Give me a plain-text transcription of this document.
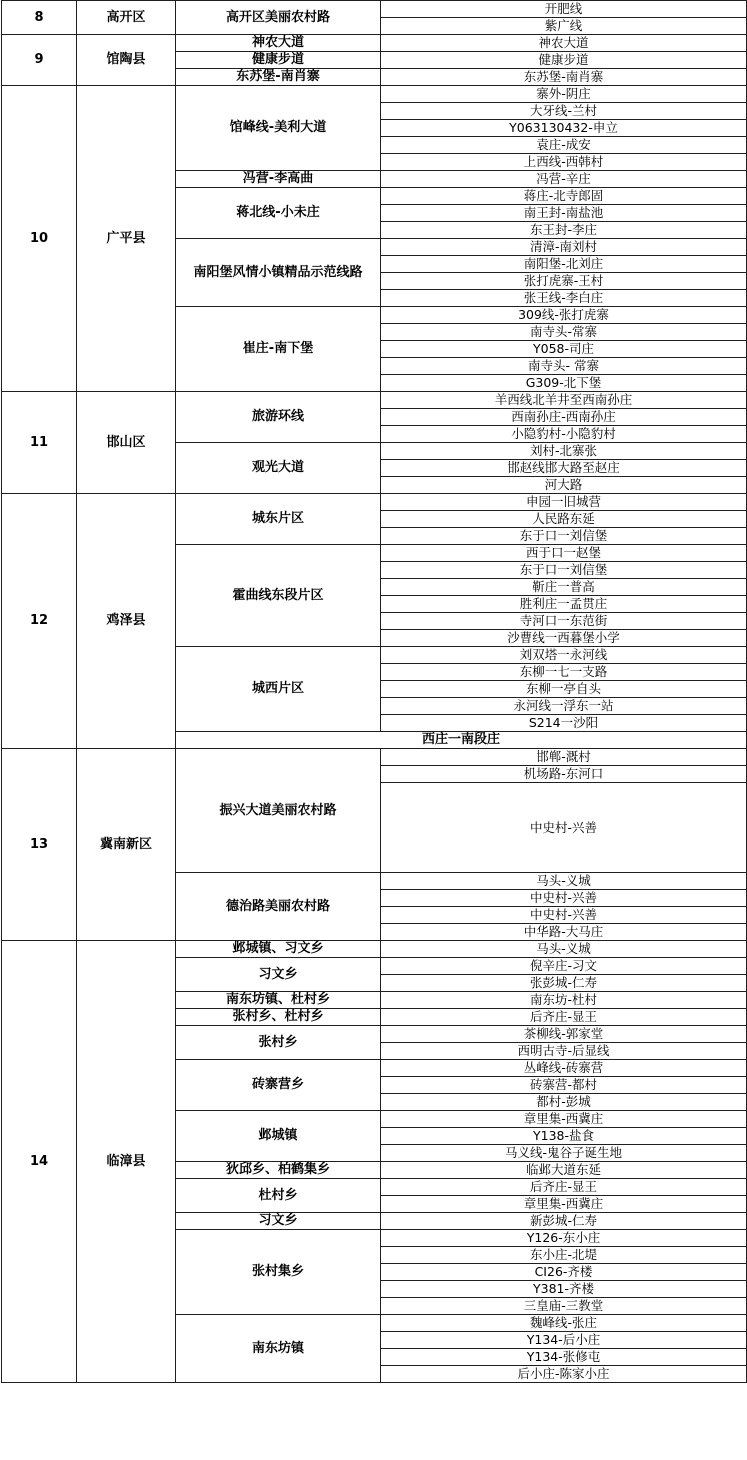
8	高开区	高开区美丽农村路	开肥线
			紫广线
9	馆陶县	神农大道	神农大道
		健康步道	健康步道
		东苏堡-南肖寨	东苏堡-南肖寨
10	广平县	馆峰线-美利大道	寨外-阴庄
			大牙线-兰村
			Y063130432-申立
			袁庄-成安
			上西线-西韩村
		冯营-李高曲	冯营-辛庄
		蒋北线-小未庄	蒋庄-北寺郎固
			南王封-南盐池
			东王封-李庄
		南阳堡风情小镇精品示范线路	清漳-南刘村
			南阳堡-北刘庄
			张打虎寨-王村
			张王线-李白庄
		崔庄-南下堡	309线-张打虎寨
			南寺头-常寨
			Y058-司庄
			南寺头- 常寨
			G309-北下堡
11	邯山区	旅游环线	羊西线北羊井至西南孙庄
			西南孙庄-西南孙庄
			小隐豹村-小隐豹村
		观光大道	刘村-北寨张
			邯赵线邯大路至赵庄
			河大路
12	鸡泽县	城东片区	申园一旧城营
			人民路东延
			东于口一刘信堡
		霍曲线东段片区	西于口一赵堡
			东于口一刘信堡
			靳庄一普高
			胜利庄一孟贯庄
			寺河口一东范街
			沙曹线一西暮堡小学
		城西片区	刘双塔一永河线
			东柳一七一支路
			东柳一亭自头
			永河线一浮东一站
			S214一沙阳
		西庄一南段庄	
13	冀南新区	振兴大道美丽农村路	邯郸-溉村
			机场路-东河口
			中史村-兴善
		德治路美丽农村路	马头-义城
			中史村-兴善
			中史村-兴善
			中华路-大马庄
14	临漳县	邺城镇、习文乡	马头-义城
		习文乡	倪辛庄-习文
			张彭城-仁寿
		南东坊镇、杜村乡	南东坊-杜村
		张村乡、杜村乡	后齐庄-显王
		张村乡	茶柳线-郭家堂
			西明古寺-后显线
		砖寨营乡	丛峰线-砖寨营
			砖寨营-都村
			都村-彭城
		邺城镇	章里集-西冀庄
			Y138-盐食
			马义线-鬼谷子诞生地
		狄邱乡、柏鹤集乡	临邺大道东延
		杜村乡	后齐庄-显王
			章里集-西冀庄
		习文乡	新彭城-仁寿
		张村集乡	Y126-东小庄
			东小庄-北堤
			CI26-齐楼
			Y381-齐楼
			三皇庙-三教堂
		南东坊镇	魏峰线-张庄
			Y134-后小庄
			Y134-张修屯
			后小庄-陈家小庄
